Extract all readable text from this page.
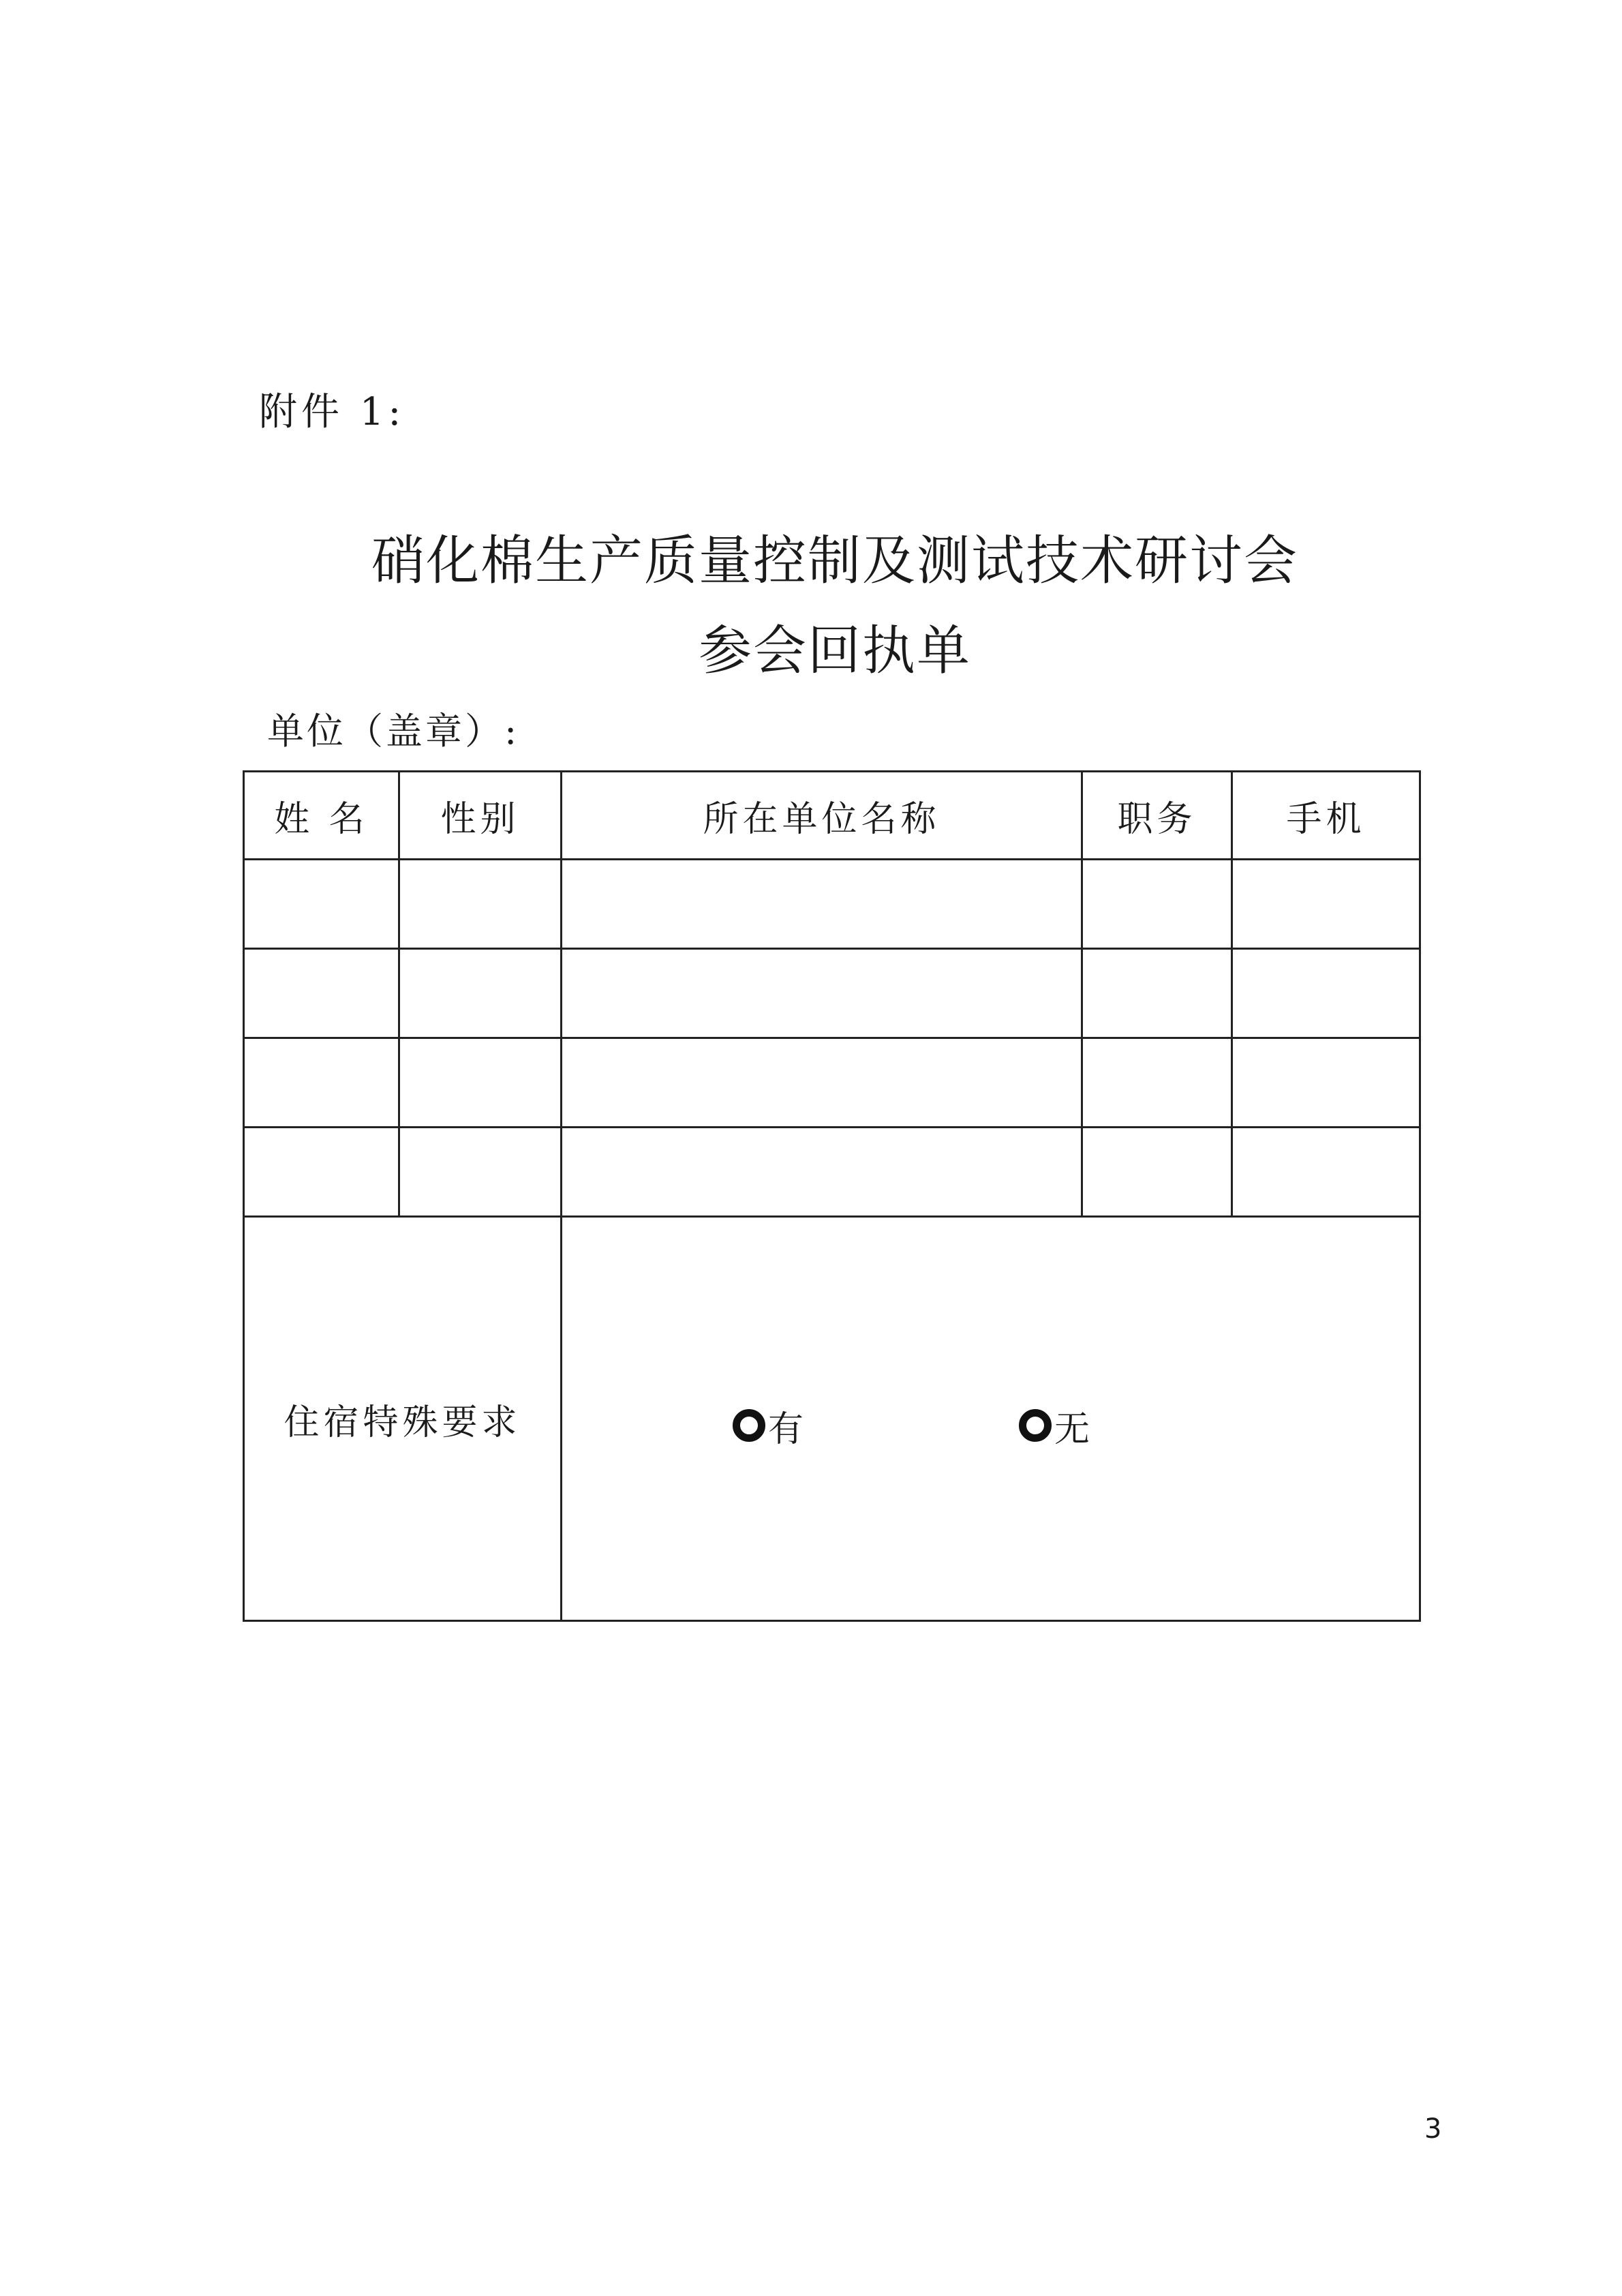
附件 1:
硝化棉生产质量控制及测试技术研讨会
参会回执单
单位（盖章）:
姓 名	性别	所在单位名称	职务	手机

住宿特殊要求		有 无		
3
